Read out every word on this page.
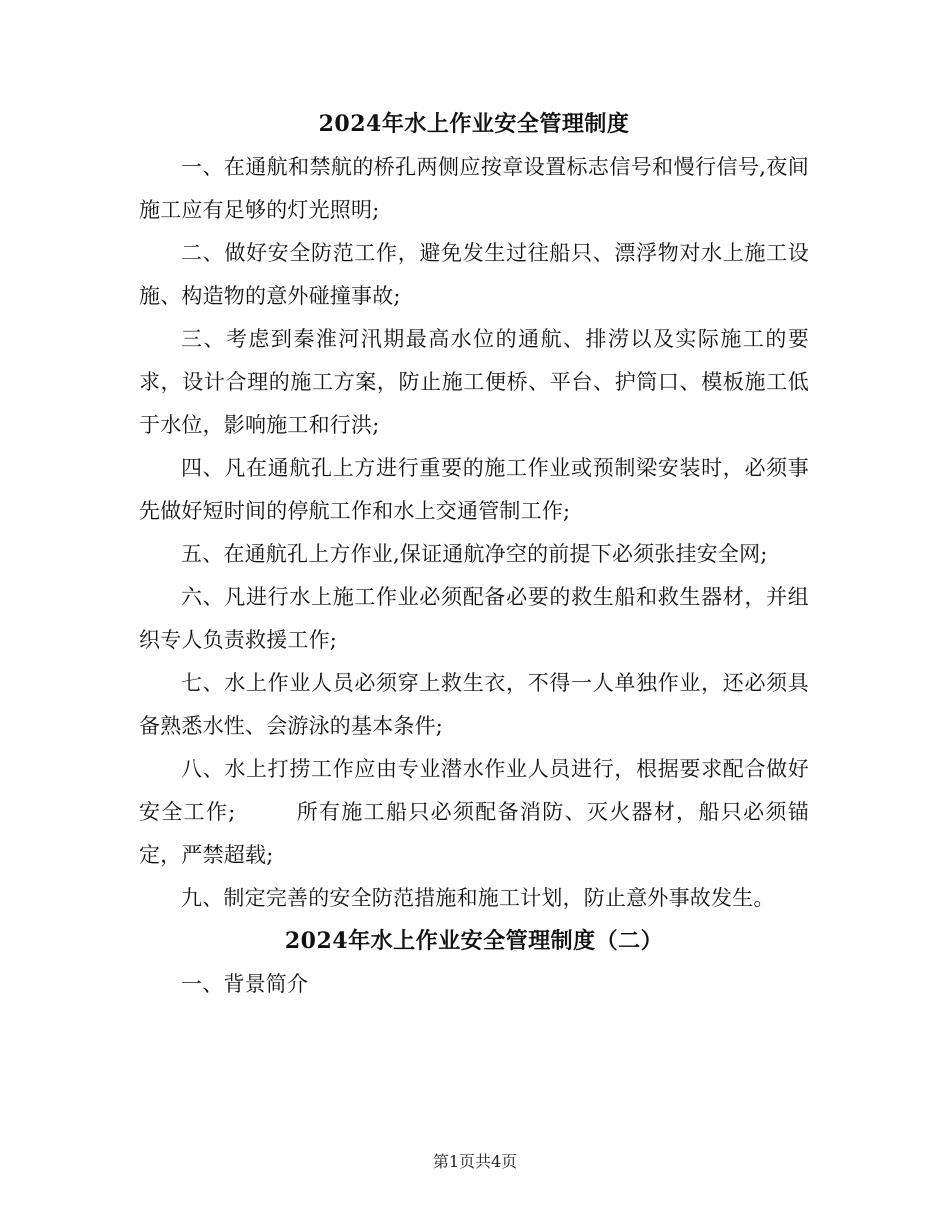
2024年水上作业安全管理制度

一、在通航和禁航的桥孔两侧应按章设置标志信号和慢行信号,夜间施工应有足够的灯光照明;

二、做好安全防范工作，避免发生过往船只、漂浮物对水上施工设施、构造物的意外碰撞事故;

三、考虑到秦淮河汛期最高水位的通航、排涝以及实际施工的要求，设计合理的施工方案，防止施工便桥、平台、护筒口、模板施工低于水位，影响施工和行洪;

四、凡在通航孔上方进行重要的施工作业或预制梁安装时，必须事先做好短时间的停航工作和水上交通管制工作;

五、在通航孔上方作业,保证通航净空的前提下必须张挂安全网;

六、凡进行水上施工作业必须配备必要的救生船和救生器材，并组织专人负责救援工作;

七、水上作业人员必须穿上救生衣，不得一人单独作业，还必须具备熟悉水性、会游泳的基本条件;

八、水上打捞工作应由专业潜水作业人员进行，根据要求配合做好安全工作;	所有施工船只必须配备消防、灭火器材，船只必须锚定，严禁超载;

九、制定完善的安全防范措施和施工计划，防止意外事故发生。

2024年水上作业安全管理制度（二）

一、背景简介

第1页共4页
